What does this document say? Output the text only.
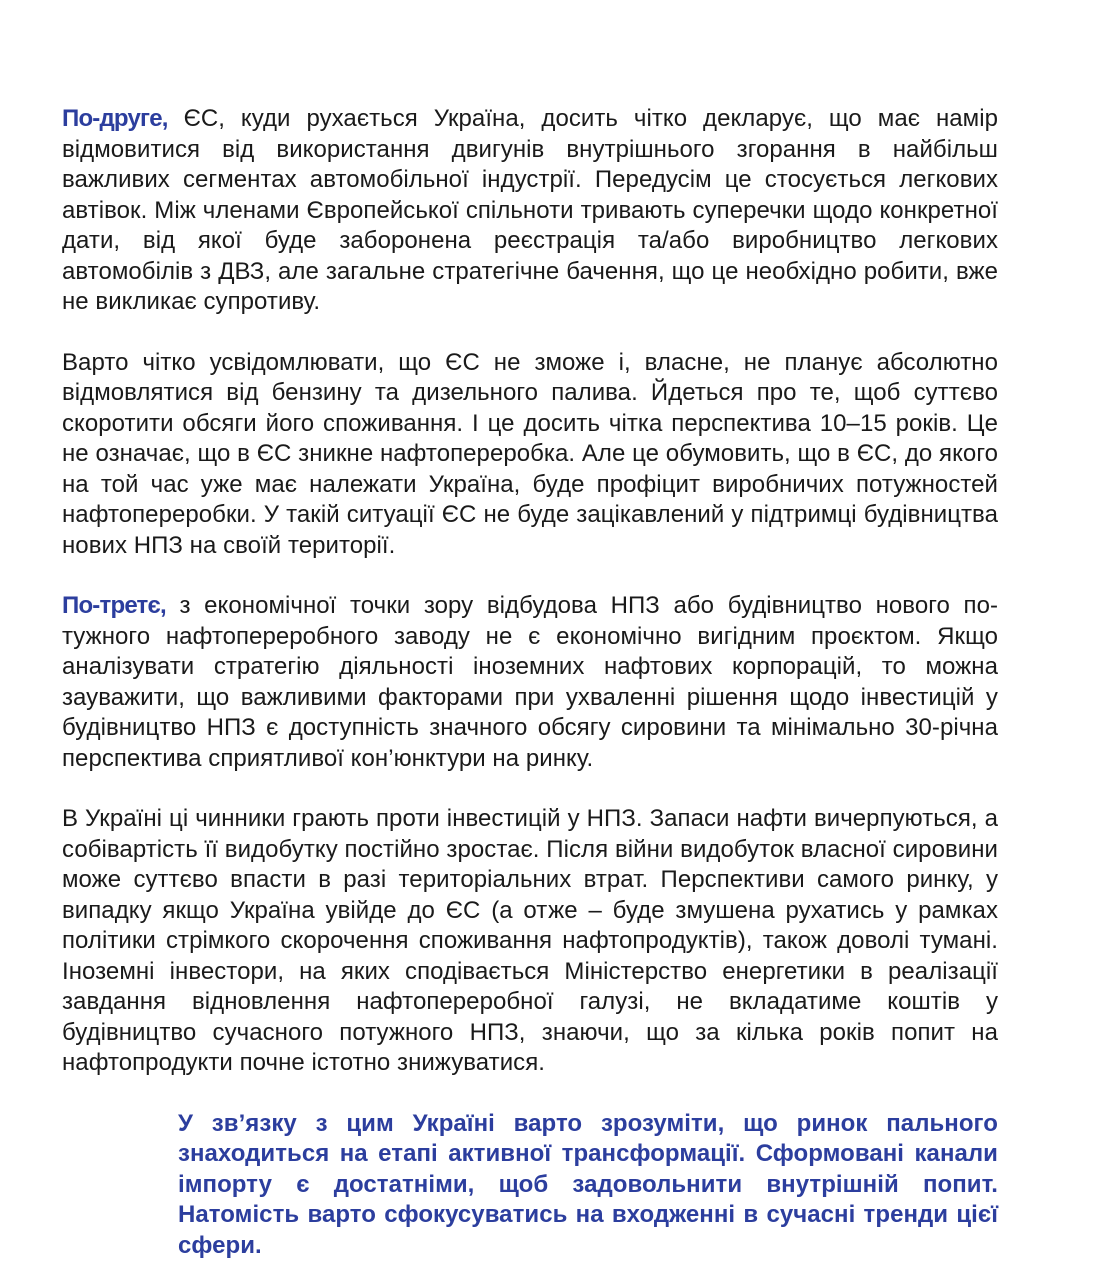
По-друге, ЄС, куди рухається Україна, досить чітко декларує, що має намір відмовитися від використання двигунів внутрішнього згорання в найбільш важливих сегментах автомобільної індустрії. Передусім це стосується легкових автівок. Між членами Європейської спільноти тривають суперечки щодо конкретної дати, від якої буде заборонена реєстрація та/або виробництво легкових автомобілів з ДВЗ, але загальне стратегічне бачення, що це необхідно робити, вже не викликає супротиву.

Варто чітко усвідомлювати, що ЄС не зможе і, власне, не планує абсолютно відмовлятися від бензину та дизельного палива. Йдеться про те, щоб суттєво скоротити обсяги його споживання. І це досить чітка перспектива 10–15 років. Це не означає, що в ЄС зникне нафтопереробка. Але це обумовить, що в ЄС, до якого на той час уже має належати Україна, буде профіцит виробничих потужностей нафтопереробки. У такій ситуації ЄС не буде зацікавлений у підтримці будівництва нових НПЗ на своїй території.

По-третє, з економічної точки зору відбудова НПЗ або будівництво нового потужного нафтопереробного заводу не є економічно вигідним проєктом. Якщо аналізувати стратегію діяльності іноземних нафтових корпорацій, то можна зауважити, що важливими факторами при ухваленні рішення щодо інвестицій у будівництво НПЗ є доступність значного обсягу сировини та мінімально 30-річна перспектива сприятливої кон’юнктури на ринку.

В Україні ці чинники грають проти інвестицій у НПЗ. Запаси нафти вичерпуються, а собівартість її видобутку постійно зростає. Після війни видобуток власної сировини може суттєво впасти в разі територіальних втрат. Перспективи самого ринку, у випадку якщо Україна увійде до ЄС (а отже – буде змушена рухатись у рамках політики стрімкого скорочення споживання нафтопродуктів), також доволі тумані. Іноземні інвестори, на яких сподівається Міністерство енергетики в реалізації завдання відновлення нафтопереробної галузі, не вкладатиме коштів у будівництво сучасного потужного НПЗ, знаючи, що за кілька років попит на нафтопродукти почне істотно знижуватися.

У зв’язку з цим Україні варто зрозуміти, що ринок пального знаходиться на етапі активної трансформації. Сформовані канали імпорту є достатніми, щоб задовольнити внутрішній попит. Натомість варто сфокусуватись на входженні в сучасні тренди цієї сфери.
